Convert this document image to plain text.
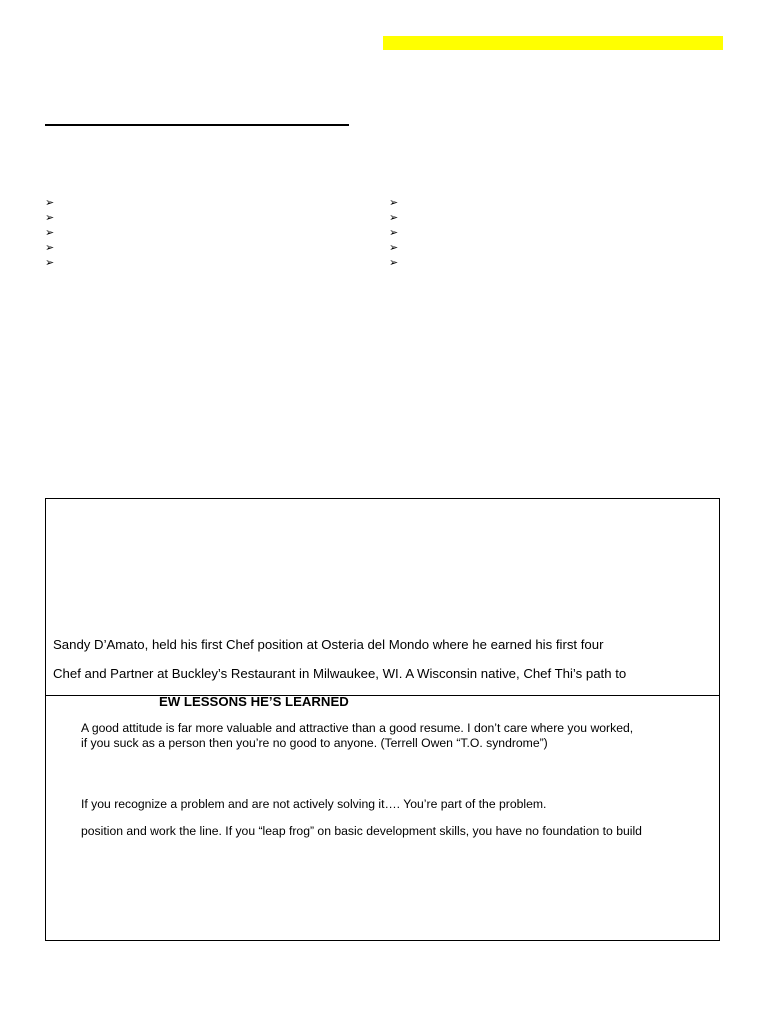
➢
➢
➢
➢
➢
➢
➢
➢
➢
➢
Sandy D’Amato, held his first Chef position at Osteria del Mondo where he earned his first four
Chef and Partner at Buckley’s Restaurant in Milwaukee, WI. A Wisconsin native, Chef Thi’s path to
EW LESSONS HE’S LEARNED
A good attitude is far more valuable and attractive than a good resume. I don’t care where you worked,
if you suck as a person then you’re no good to anyone. (Terrell Owen “T.O. syndrome”)
If you recognize a problem and are not actively solving it…. You’re part of the problem.
position and work the line. If you “leap frog” on basic development skills, you have no foundation to build
